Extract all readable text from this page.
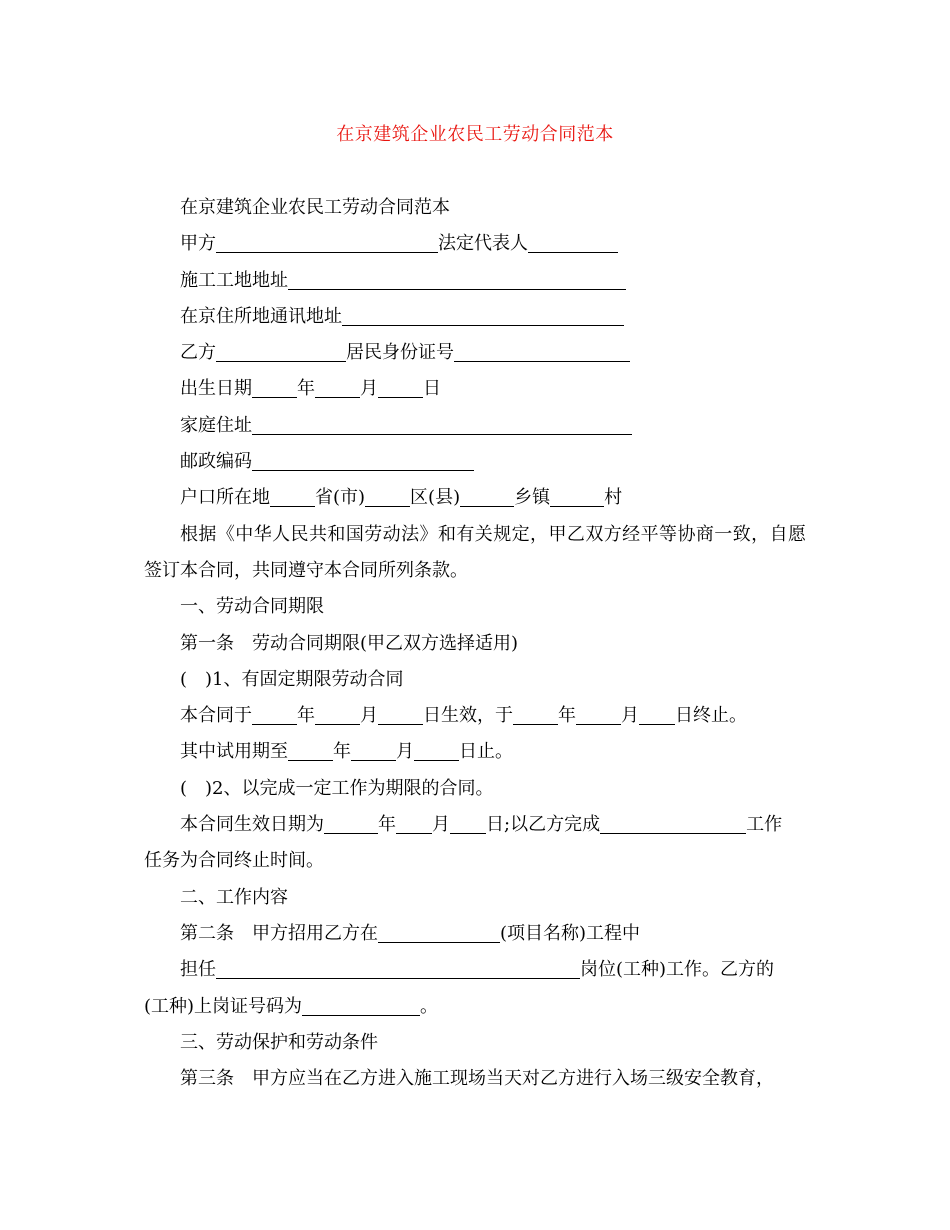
在京建筑企业农民工劳动合同范本
在京建筑企业农民工劳动合同范本
甲方	法定代表人
施工工地地址
在京住所地通讯地址
乙方	居民身份证号
出生日期	年	月	日
家庭住址
邮政编码
户口所在地	省(市)	区(县)	乡镇	村
根据《中华人民共和国劳动法》和有关规定，甲乙双方经平等协商一致，自愿签订本合同，共同遵守本合同所列条款。
一、劳动合同期限
第一条　劳动合同期限(甲乙双方选择适用)
(　)1、有固定期限劳动合同
本合同于	年	月	日生效，于	年	月 日终止。
其中试用期至	年	月	日止。
(　)2、以完成一定工作为期限的合同。
本合同生效日期为	年 月 日;以乙方完成	工作
任务为合同终止时间。
二、工作内容
第二条　甲方招用乙方在	(项目名称)工程中
担任	岗位(工种)工作。乙方的
(工种)上岗证号码为	。
三、劳动保护和劳动条件
第三条　甲方应当在乙方进入施工现场当天对乙方进行入场三级安全教育，
